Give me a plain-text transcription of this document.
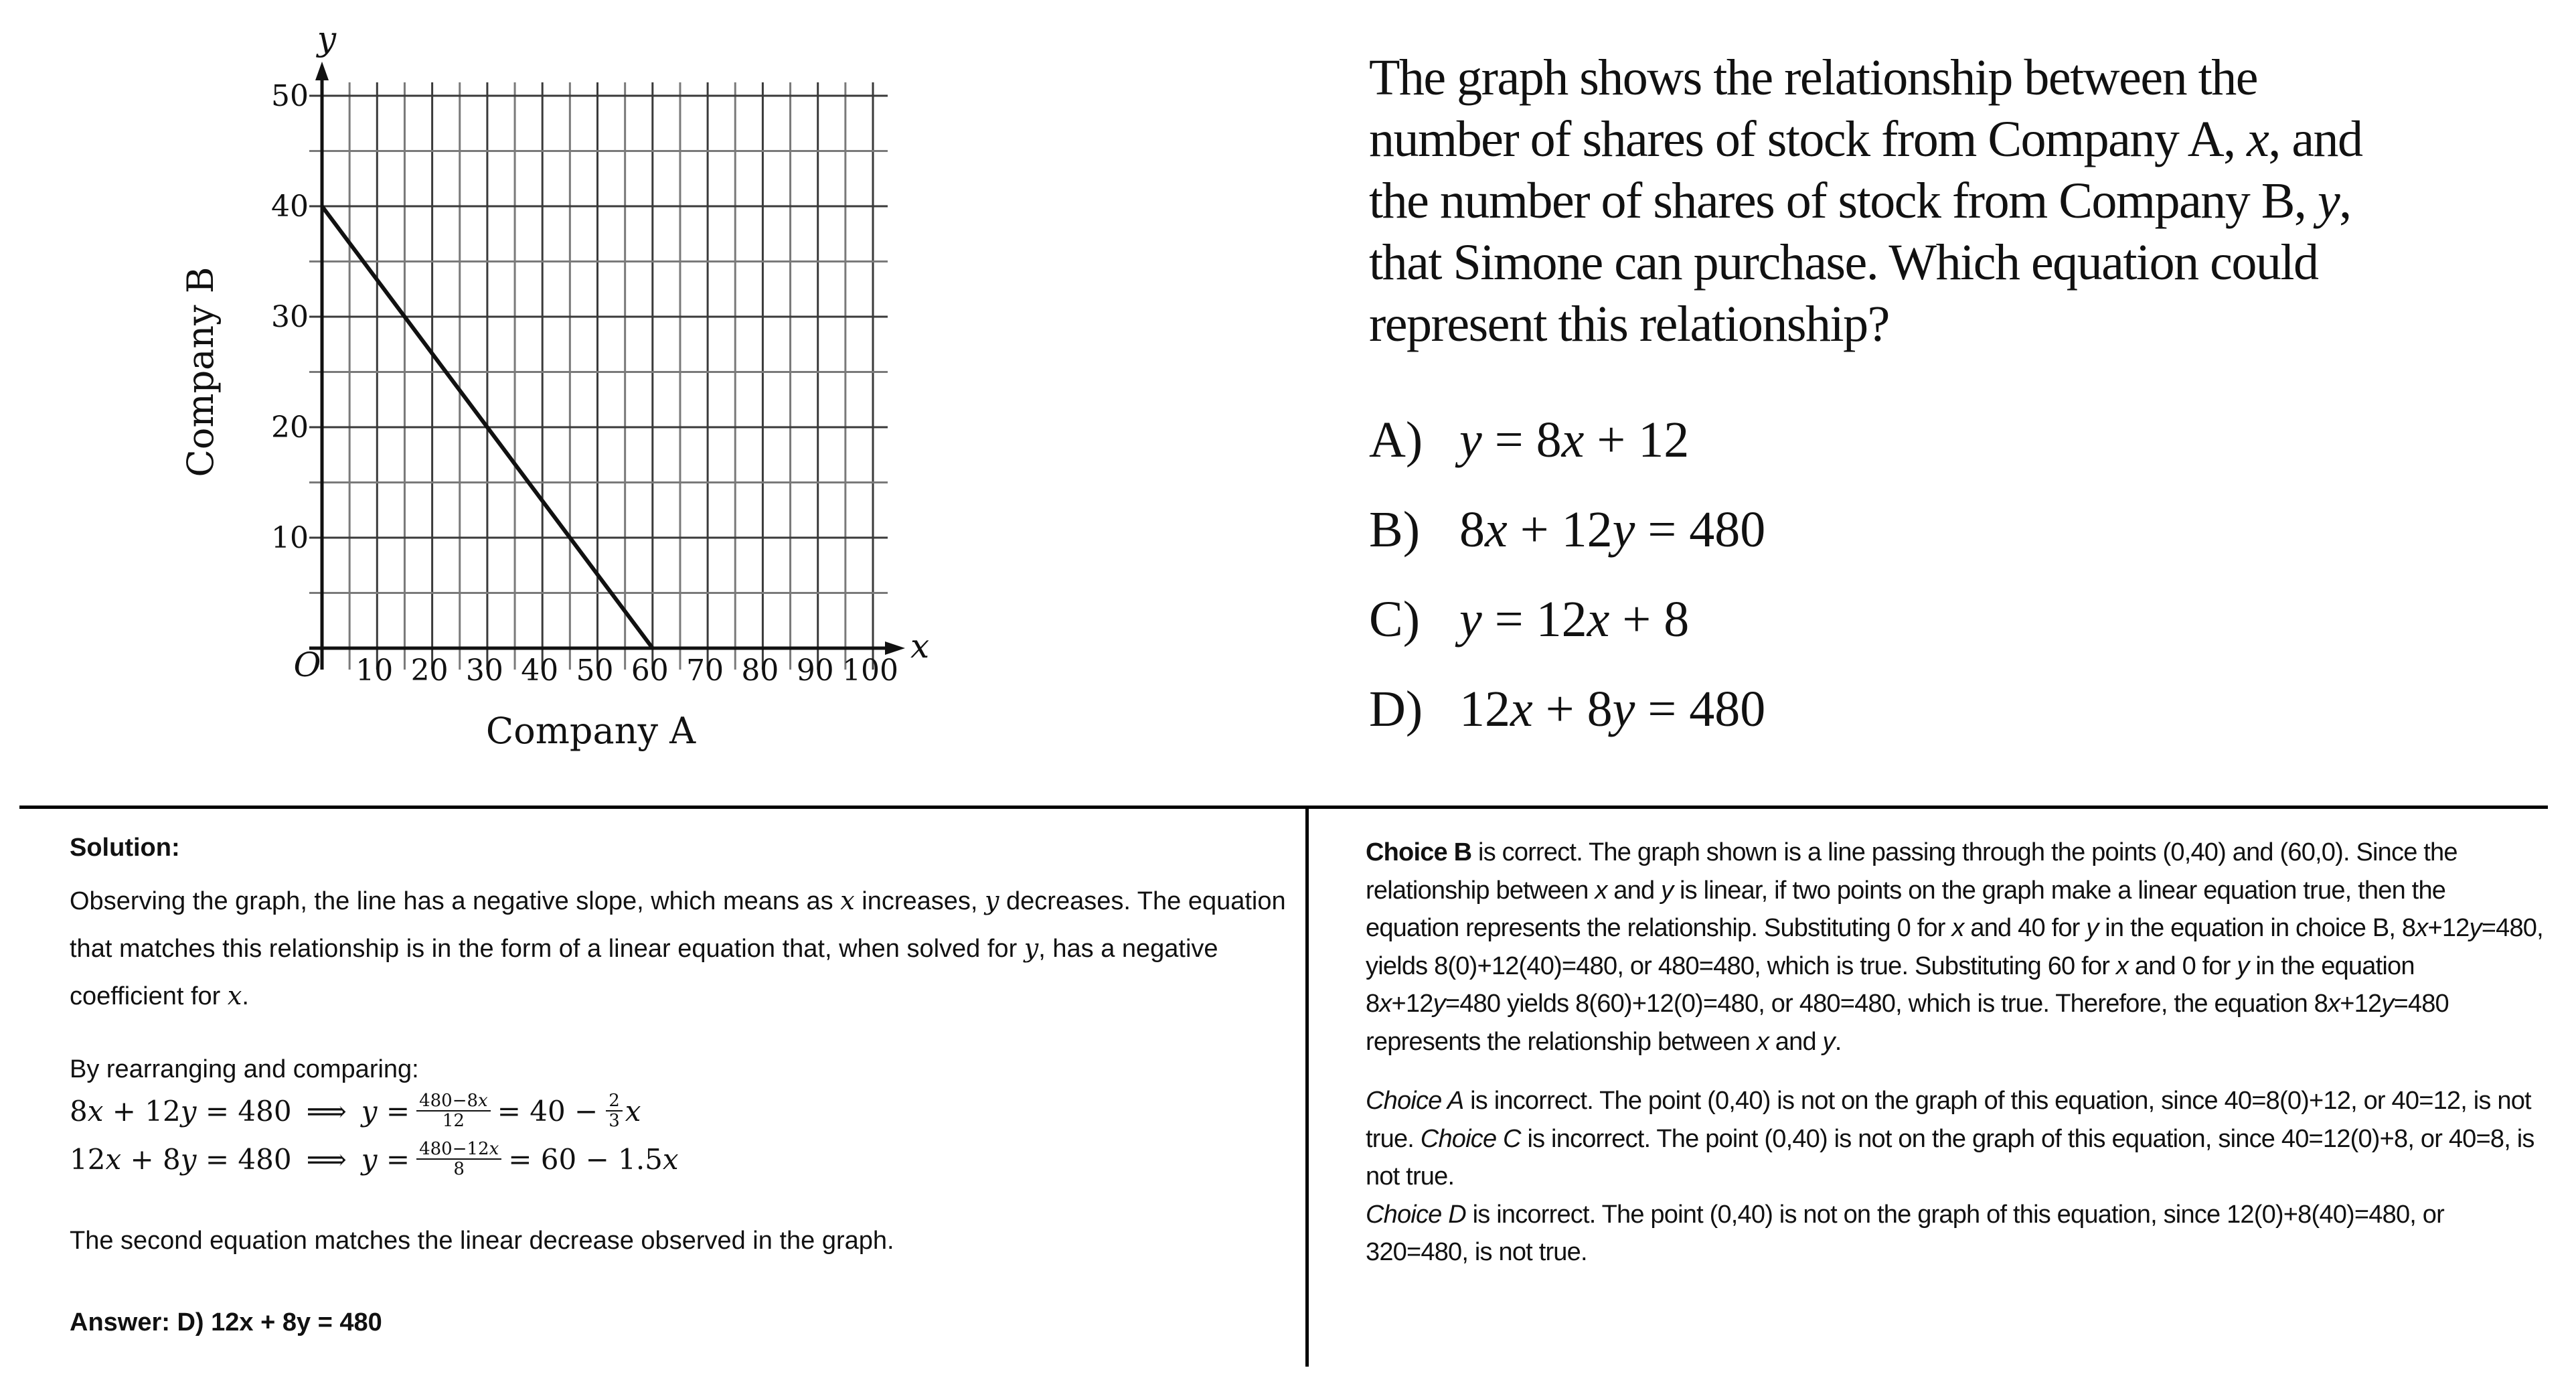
10 20 30 40 50 60 70 80 90 100
10
20
30
40
50
Company A
Company B
x
y
O
The graph shows the relationship between the
number of shares of stock from Company A, x, and
the number of shares of stock from Company B, y,
that Simone can purchase. Which equation could
represent this relationship?
A) y = 8x + 12
B) 8x + 12y = 480
C) y = 12x + 8
D) 12x + 8y = 480
Solution:
Observing the graph, the line has a negative slope, which means as x increases, y decreases. The equation that matches this relationship is in the form of a linear equation that, when solved for y, has a negative coefficient for x.
By rearranging and comparing:
8x + 12y = 480 ⟹ $y = \frac{480-8x}{12} = 40 - \frac{2}{3}$ x
12x + 8y = 480 ⟹ $y = \frac{480-12x}{8} = 60 - 1.5x$
The second equation matches the linear decrease observed in the graph.
Answer: D) 12x + 8y = 480
Choice B is correct. The graph shown is a line passing through the points (0,40) and (60,0). Since the relationship between x and y is linear, if two points on the graph make a linear equation true, then the equation represents the relationship. Substituting 0 for x and 40 for y in the equation in choice B, 8x+12y=480, yields 8(0)+12(40)=480, or 480=480, which is true. Substituting 60 for x and 0 for y in the equation 8x+12y=480 yields 8(60)+12(0)=480, or 480=480, which is true. Therefore, the equation 8x+12y=480 represents the relationship between x and y.
Choice A is incorrect. The point (0,40) is not on the graph of this equation, since 40=8(0)+12, or 40=12, is not true. Choice C is incorrect. The point (0,40) is not on the graph of this equation, since 40=12(0)+8, or 40=8, is not true.
Choice D is incorrect. The point (0,40) is not on the graph of this equation, since 12(0)+8(40)=480, or 320=480, is not true.
